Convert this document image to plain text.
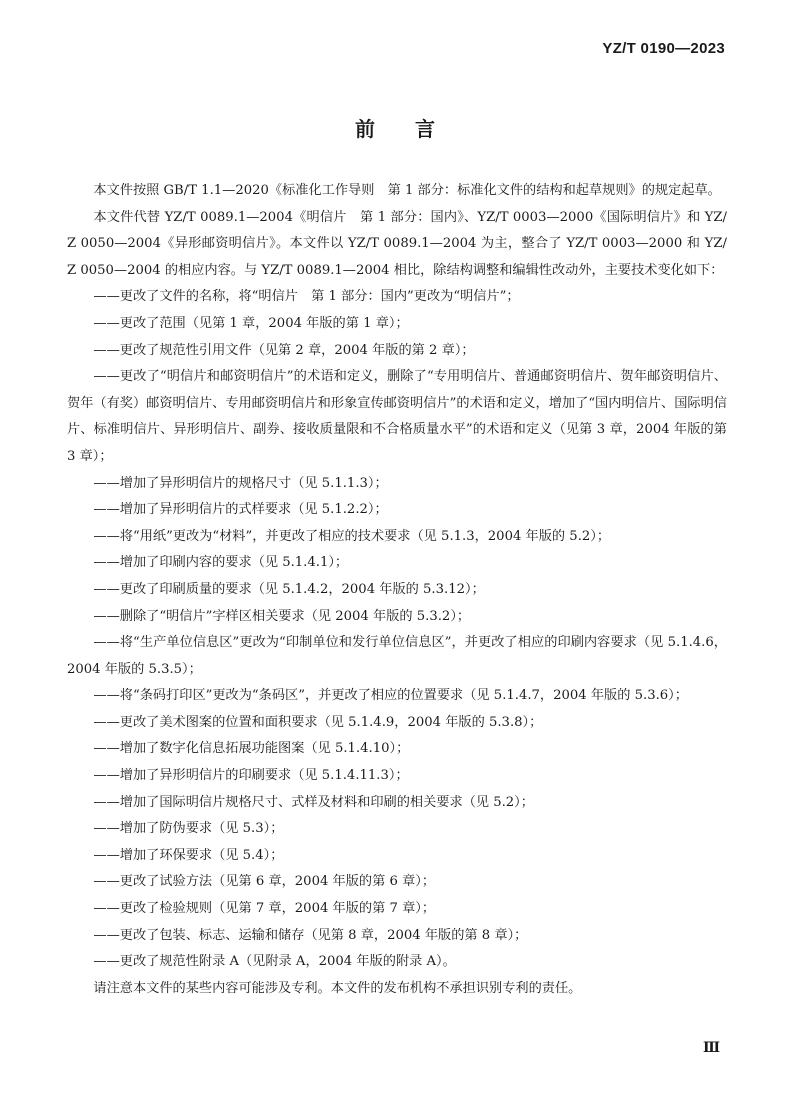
YZ/T 0190—2023
前言

本文件按照 GB/T 1.1—2020《标准化工作导则　第 1 部分：标准化文件的结构和起草规则》的规定起草。

本文件代替 YZ/T 0089.1—2004《明信片　第 1 部分：国内》、YZ/T 0003—2000《国际明信片》和 YZ/Z 0050—2004《异形邮资明信片》。本文件以 YZ/T 0089.1—2004 为主，整合了 YZ/T 0003—2000 和 YZ/Z 0050—2004 的相应内容。与 YZ/T 0089.1—2004 相比，除结构调整和编辑性改动外，主要技术变化如下：

——更改了文件的名称，将“明信片　第 1 部分：国内”更改为“明信片”；

——更改了范围（见第 1 章，2004 年版的第 1 章）；

——更改了规范性引用文件（见第 2 章，2004 年版的第 2 章）；

——更改了“明信片和邮资明信片”的术语和定义，删除了“专用明信片、普通邮资明信片、贺年邮资明信片、贺年（有奖）邮资明信片、专用邮资明信片和形象宣传邮资明信片”的术语和定义，增加了“国内明信片、国际明信片、标准明信片、异形明信片、副券、接收质量限和不合格质量水平”的术语和定义（见第 3 章，2004 年版的第 3 章）；

——增加了异形明信片的规格尺寸（见 5.1.1.3）；

——增加了异形明信片的式样要求（见 5.1.2.2）；

——将“用纸”更改为“材料”，并更改了相应的技术要求（见 5.1.3，2004 年版的 5.2）；

——增加了印刷内容的要求（见 5.1.4.1）；

——更改了印刷质量的要求（见 5.1.4.2，2004 年版的 5.3.12）；

——删除了“明信片”字样区相关要求（见 2004 年版的 5.3.2）；

——将“生产单位信息区”更改为“印制单位和发行单位信息区”，并更改了相应的印刷内容要求（见 5.1.4.6，2004 年版的 5.3.5）；

——将“条码打印区”更改为“条码区”，并更改了相应的位置要求（见 5.1.4.7，2004 年版的 5.3.6）；

——更改了美术图案的位置和面积要求（见 5.1.4.9，2004 年版的 5.3.8）；

——增加了数字化信息拓展功能图案（见 5.1.4.10）；

——增加了异形明信片的印刷要求（见 5.1.4.11.3）；

——增加了国际明信片规格尺寸、式样及材料和印刷的相关要求（见 5.2）；

——增加了防伪要求（见 5.3）；

——增加了环保要求（见 5.4）；

——更改了试验方法（见第 6 章，2004 年版的第 6 章）；

——更改了检验规则（见第 7 章，2004 年版的第 7 章）；

——更改了包装、标志、运输和储存（见第 8 章，2004 年版的第 8 章）；

——更改了规范性附录 A（见附录 A，2004 年版的附录 A）。

请注意本文件的某些内容可能涉及专利。本文件的发布机构不承担识别专利的责任。

Ⅲ
